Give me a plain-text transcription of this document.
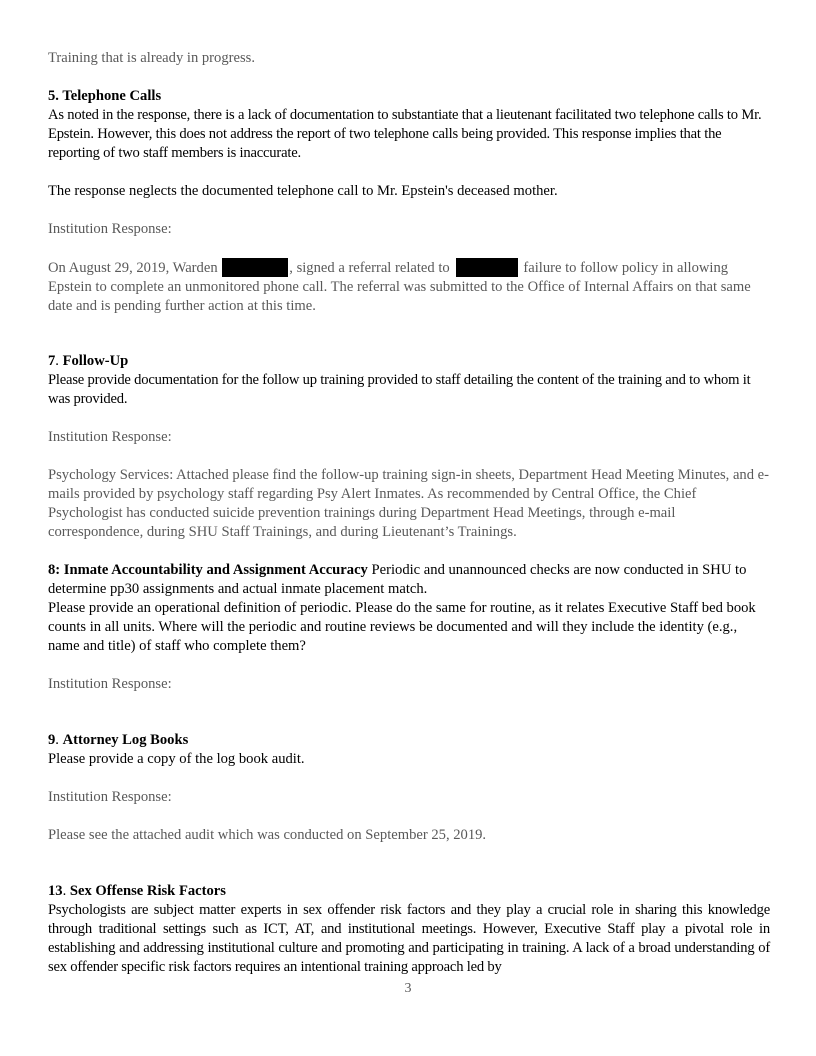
Training that is already in progress.

5. Telephone Calls

As noted in the response, there is a lack of documentation to substantiate that a lieutenant facilitated two telephone calls to Mr. Epstein. However, this does not address the report of two telephone calls being provided. This response implies that the reporting of two staff members is inaccurate.

The response neglects the documented telephone call to Mr. Epstein's deceased mother.

Institution Response:

On August 29, 2019, Warden	, signed a referral related to	failure to follow policy in allowing Epstein to complete an unmonitored phone call. The referral was submitted to the Office of Internal Affairs on that same date and is pending further action at this time.

7. Follow-Up

Please provide documentation for the follow up training provided to staff detailing the content of the training and to whom it was provided.

Institution Response:

Psychology Services: Attached please find the follow-up training sign-in sheets, Department Head Meeting Minutes, and e-mails provided by psychology staff regarding Psy Alert Inmates. As recommended by Central Office, the Chief Psychologist has conducted suicide prevention trainings during Department Head Meetings, through e-mail correspondence, during SHU Staff Trainings, and during Lieutenant’s Trainings.

8: Inmate Accountability and Assignment Accuracy Periodic and unannounced checks are now conducted in SHU to determine pp30 assignments and actual inmate placement match.

Please provide an operational definition of periodic. Please do the same for routine, as it relates Executive Staff bed book counts in all units. Where will the periodic and routine reviews be documented and will they include the identity (e.g., name and title) of staff who complete them?

Institution Response:

9. Attorney Log Books

Please provide a copy of the log book audit.

Institution Response:

Please see the attached audit which was conducted on September 25, 2019.

13. Sex Offense Risk Factors

Psychologists are subject matter experts in sex offender risk factors and they play a crucial role in sharing this knowledge through traditional settings such as ICT, AT, and institutional meetings. However, Executive Staff play a pivotal role in establishing and addressing institutional culture and promoting and participating in training. A lack of a broad understanding of sex offender specific risk factors requires an intentional training approach led by

3
